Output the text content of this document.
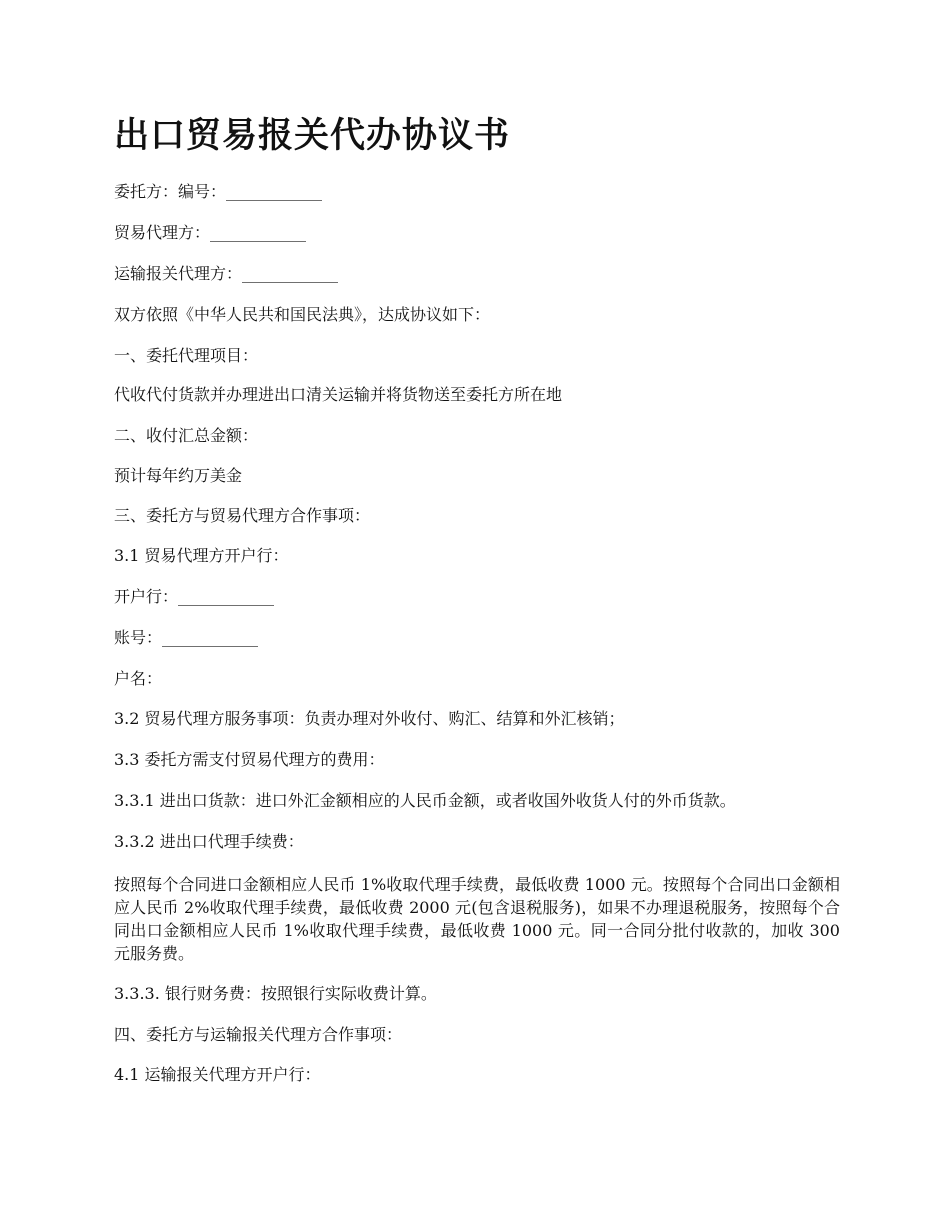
出口贸易报关代办协议书

委托方：编号：____________

贸易代理方：____________

运输报关代理方：____________

双方依照《中华人民共和国民法典》，达成协议如下：

一、委托代理项目：

代收代付货款并办理进出口清关运输并将货物送至委托方所在地

二、收付汇总金额：

预计每年约万美金

三、委托方与贸易代理方合作事项：

3.1 贸易代理方开户行：

开户行：____________

账号：____________

户名：

3.2 贸易代理方服务事项：负责办理对外收付、购汇、结算和外汇核销；

3.3 委托方需支付贸易代理方的费用：

3.3.1 进出口货款：进口外汇金额相应的人民币金额，或者收国外收货人付的外币货款。

3.3.2 进出口代理手续费：

按照每个合同进口金额相应人民币 1%收取代理手续费，最低收费 1000 元。按照每个合同出口金额相应人民币 2%收取代理手续费，最低收费 2000 元(包含退税服务)，如果不办理退税服务，按照每个合同出口金额相应人民币 1%收取代理手续费，最低收费 1000 元。同一合同分批付收款的，加收 300 元服务费。

3.3.3. 银行财务费：按照银行实际收费计算。

四、委托方与运输报关代理方合作事项：

4.1 运输报关代理方开户行：
